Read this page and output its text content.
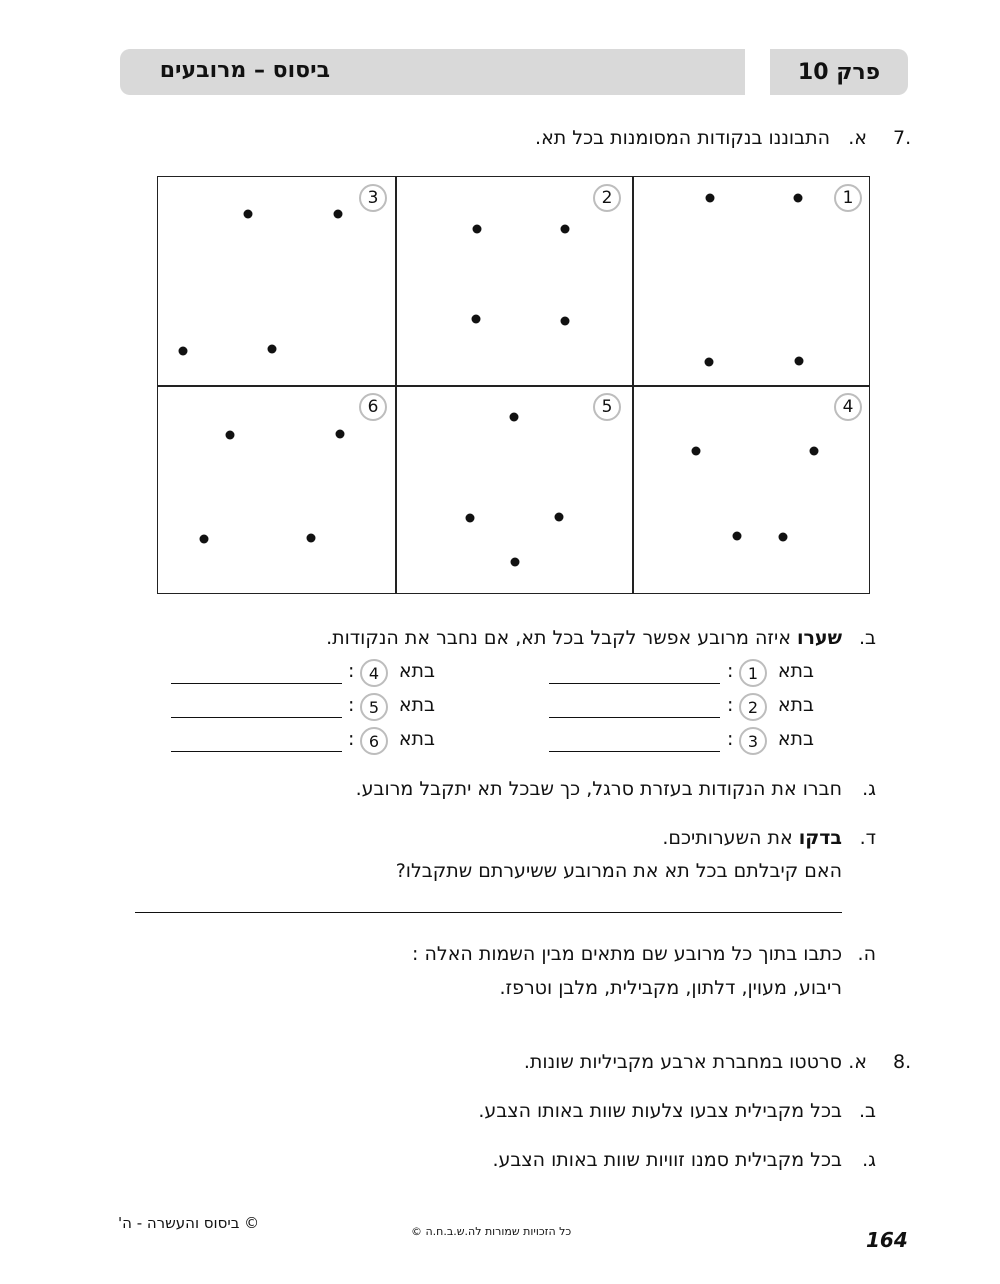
ביסוס – מרובעים	פרק 10
7.
א.
התבוננו בנקודות המסומנות בכל תא.
1
2
3
4
5
6
ב.
שערו איזה מרובע אפשר לקבל בכל תא, אם נחבר את הנקודות.
בתא
1
:
בתא
2
:
בתא
3
:
בתא
4
:
בתא
5
:
בתא
6
:
ג.
חברו את הנקודות בעזרת סרגל, כך שבכל תא יתקבל מרובע.
ד.
בדקו את השערותיכם.
האם קיבלתם בכל תא את המרובע ששיערתם שתקבלו?
ה.
כתבו בתוך כל מרובע שם מתאים מבין השמות האלה :
ריבוע, מעוין, דלתון, מקבילית, מלבן וטרפז.
8.
א.
סרטטו במחברת ארבע מקביליות שונות.
ב.
בכל מקבילית צבעו צלעות שוות באותו הצבע.
ג.
בכל מקבילית סמנו זוויות שוות באותו הצבע.
© ביסוס והעשרה - ה'	כל הזכויות שמורות לה.ש.ב.ח.ה ©	164
